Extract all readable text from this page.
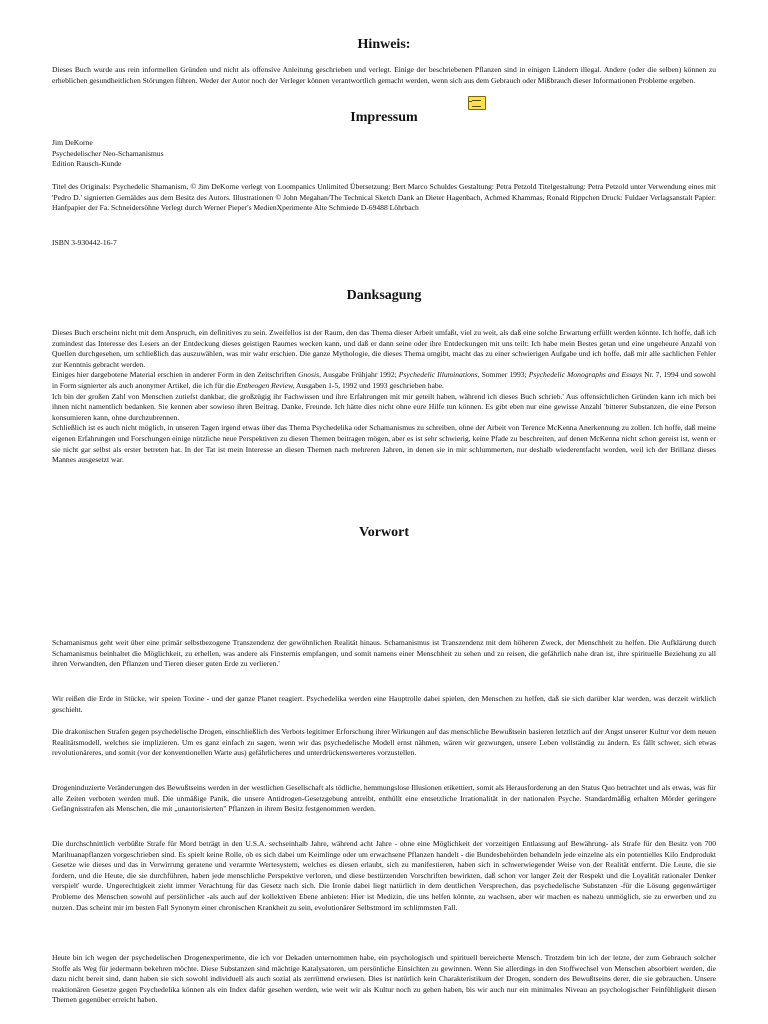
Hinweis:

Dieses Buch wurde aus rein informellen Gründen und nicht als offensive Anleitung geschrieben und verlegt. Einige der beschriebenen Pflanzen sind in einigen Ländern illegal. Andere (oder die selben) können zu erheblichen gesundheitlichen Störungen führen. Weder der Autor noch der Verleger können verantwortlich gemacht werden, wenn sich aus dem Gebrauch oder Mißbrauch dieser Informationen Probleme ergeben.

Impressum

Jim DeKorne

Psychedelischer Neo-Schamanismus

Edition Rausch-Kunde

Titel des Originals: Psychedelic Shamanism, © Jim DeKorne verlegt von Loompanics Unlimited Übersetzung: Bert Marco Schuldes Gestaltung: Petra Petzold Titelgestaltung: Petra Petzold unter Verwendung eines mit 'Pedro D.' signierten Gemäldes aus dem Besitz des Autors. Illustrationen © John Megahan/The Technical Sketch Dank an Dieter Hagenbach, Achmed Khammas, Ronald Rippchen Druck: Fuldaer Verlagsanstalt Papier: Hanfpapier der Fa. Schneidersöhne Verlegt durch Werner Pieper's MedienXperimente Alte Schmiede D-69488 Löhrbach

ISBN 3-930442-16-7

Danksagung

Dieses Buch erscheint nicht mit dem Anspruch, ein definitives zu sein. Zweifellos ist der Raum, den das Thema dieser Arbeit umfaßt, viel zu weit, als daß eine solche Erwartung erfüllt werden könnte. Ich hoffe, daß ich zumindest das Interesse des Lesers an der Entdeckung dieses geistigen Raumes wecken kann, und daß er dann seine oder ihre Entdeckungen mit uns teilt: Ich habe mein Bestes getan und eine ungeheure Anzahl von Quellen durchgesehen, um schließlich das auszuwählen, was mir wahr erschien. Die ganze Mythologie, die dieses Thema umgibt, macht das zu einer schwierigen Aufgabe und ich hoffe, daß mir alle sachlichen Fehler zur Kenntnis gebracht werden.

Einiges hier dargebotene Material erschien in anderer Form in den Zeitschriften Gnosis, Ausgabe Frühjahr 1992; Psychedelic Illuminations, Sommer 1993; Psychedelic Monographs and Essays Nr. 7, 1994 und sowohl in Form signierter als auch anonymer Artikel, die ich für die Entheogen Review, Ausgaben 1-5, 1992 und 1993 geschrieben habe.

Ich bin der großen Zahl von Menschen zutiefst dankbar, die großzügig ihr Fachwissen und ihre Erfahrungen mit mir geteilt haben, während ich dieses Buch schrieb.' Aus offensichtlichen Gründen kann ich mich bei ihnen nicht namentlich bedanken. Sie kennen aber sowieso ihren Beitrag. Danke, Freunde. Ich hätte dies nicht ohne eure Hilfe tun können. Es gibt eben nur eine gewisse Anzahl 'bitterer Substanzen, die eine Person konsumieren kann, ohne durchzubrennen.

Schließlich ist es auch nicht möglich, in unseren Tagen irgend etwas über das Thema Psychedelika oder Schamanismus zu schreiben, ohne der Arbeit von Terence McKenna Anerkennung zu zollen. Ich hoffe, daß meine eigenen Erfahrungen und Forschungen einige nützliche neue Perspektiven zu diesen Themen beitragen mögen, aber es ist sehr schwierig, keine Pfade zu beschreiten, auf denen McKenna nicht schon gereist ist, wenn er sie nicht gar selbst als erster betreten hat. In der Tat ist mein Interesse an diesen Themen nach mehreren Jahren, in denen sie in mir schlummerten, nur deshalb wiederentfacht worden, weil ich der Brillanz dieses Mannes ausgesetzt war.

Vorwort

Schamanismus geht weit über eine primär selbstbezogene Transzendenz der gewöhnlichen Realität hinaus. Schamanismus ist Transzendenz mit dem höheren Zweck, der Menschheit zu helfen. Die Aufklärung durch Schamanismus beinhaltet die Möglichkeit, zu erhellen, was andere als Finsternis empfangen, und somit namens einer Menschheit zu sehen und zu reisen, die gefährlich nahe dran ist, ihre spirituelle Beziehung zu all ihren Verwandten, den Pflanzen und Tieren dieser guten Erde zu verlieren.'

Wir reißen die Erde in Stücke, wir speien Toxine - und der ganze Planet reagiert. Psychedelika werden eine Hauptrolle dabei spielen, den Menschen zu helfen, daß sie sich darüber klar werden, was derzeit wirklich geschieht.

Die drakonischen Strafen gegen psychedelische Drogen, einschließlich des Verbots legitimer Erforschung ihrer Wirkungen auf das menschliche Bewußtsein basieren letztlich auf der Angst unserer Kultur vor dem neuen Realitätsmodell, welches sie implizieren. Um es ganz einfach zu sagen, wenn wir das psychedelische Modell ernst nähmen, wären wir gezwungen, unsere Leben vollständig zu ändern. Es fällt schwer, sich etwas revolutionäreres, und somit (vor der konventionellen Warte aus) gefährlicheres und unterdrückenswerteres vorzustellen.

Drogeninduzierte Veränderungen des Bewußtseins werden in der westlichen Gesellschaft als tödliche, hemmungslose Illusionen etikettiert, somit als Herausforderung an den Status Quo betrachtet und als etwas, was für alle Zeiten verboten werden muß. Die unmäßige Panik, die unsere Antidrogen-Gesetzgebung antreibt, enthüllt eine entsetzliche Irrationalität in der nationalen Psyche. Standardmäßig erhalten Mörder geringere Gefängnisstrafen als Menschen, die mit „unautorisierten" Pflanzen in ihrem Besitz festgenommen werden.

Die durchschnittlich verbüßte Strafe für Mord beträgt in den U.S.A. sechseinhalb Jahre, während acht Jahre - ohne eine Möglichkeit der vorzeitigen Entlassung auf Bewährung- als Strafe für den Besitz von 700 Marihuanapflanzen vorgeschrieben sind. Es spielt keine Rolle, ob es sich dabei um Keimlinge oder um erwachsene Pflanzen handelt - die Bundesbehörden behandeln jede einzelne als ein potentielles Kilo Endprodukt Gesetze wie dieses und das in Verwirrung geratene und verarmte Wertesystem, welches es diesen erlaubt, sich zu manifestieren, haben sich in schwerwiegender Weise von der Realität entfernt. Die Leute, die sie fordern, und die Heute, die sie durchführen, haben jede menschliche Perspektive verloren, und diese bestürzenden Vorschriften bewirkten, daß schon vor langer Zeit der Respekt und die Loyalität rationaler Denker verspielt' wurde. Ungerechtigkeit zieht immer Verachtung für das Gesetz nach sich. Die Ironie dabei liegt natürlich in dem deutlichen Versprechen, das psychedelische Substanzen -für die Lösung gegenwärtiger Probleme des Menschen sowohl auf persönlicher -als auch auf der kollektiven Ebene anbieten: Hier ist Medizin, die uns helfen könnte, zu wachsen, aber wir machen es nahezu unmöglich, sie zu erwerben und zu nutzen. Das scheint mir im besten Fall Synonym einer chronischen Krankheit zu sein, evolutionärer Selbstmord im schlimmsten Fall.

Heute bin ich wegen der psychedelischen Drogenexperimente, die ich vor Dekaden unternommen habe, ein psychologisch und spirituell bereicherte Mensch. Trotzdem bin ich der letzte, der zum Gebrauch solcher Stoffe als Weg für jedermann bekehren möchte. Diese Substanzen sind mächtige Katalysatoren, um persönliche Einsichten zu gewinnen. Wenn Sie allerdings in den Stoffwechsel von Menschen absorbiert werden, die dazu nicht bereit sind, dann haben sie sich sowohl individuell als auch sozial als zerrüttend erwiesen. Dies ist natürlich kein Charakteristikum der Drogen, sondern des Bewußtseins derer, die sie gebrauchen. Unsere reaktionären Gesetze gegen Psychedelika können als ein Index dafür gesehen werden, wie weit wir als Kultur noch zu gehen haben, bis wir auch nur ein minimales Niveau an psychologischer Feinfühligkeit diesen Themen gegenüber erreicht haben.
